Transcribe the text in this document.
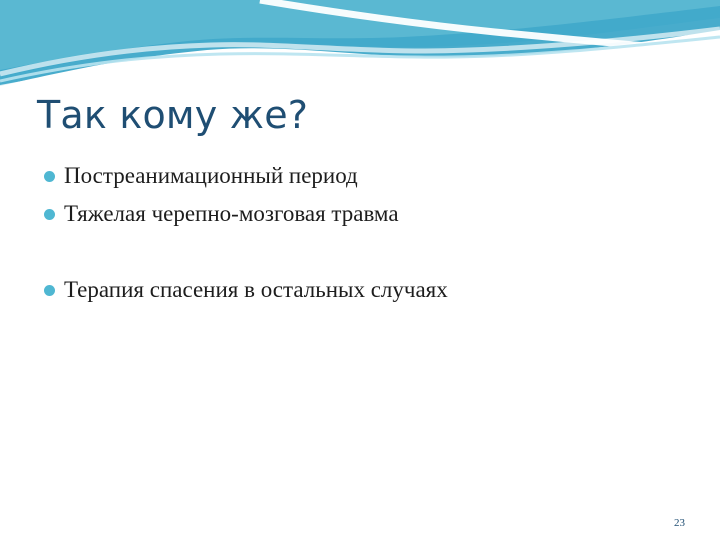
Так кому же?
Постреанимационный период
Тяжелая черепно-мозговая травма
Терапия спасения в остальных случаях
23
